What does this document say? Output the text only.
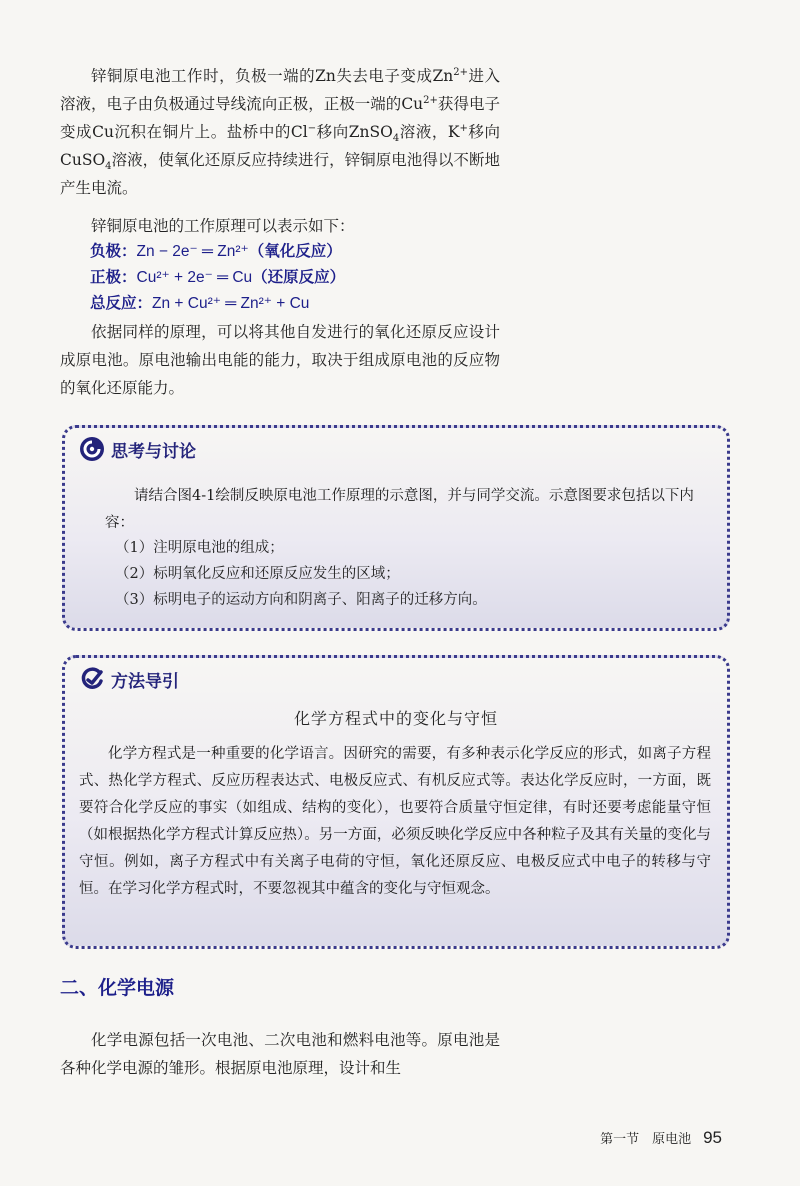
锌铜原电池工作时，负极一端的Zn失去电子变成$Zn^{2+}$进入溶液，电子由负极通过导线流向正极，正极一端的$Cu^{2+}$获得电子变成Cu沉积在铜片上。盐桥中的Cl−移向ZnSO$_4$溶液，K+移向CuSO$_4$溶液，使氧化还原反应持续进行，锌铜原电池得以不断地产生电流。

锌铜原电池的工作原理可以表示如下：

负极：Zn − 2e⁻ ═ Zn²⁺（氧化反应）
正极：Cu²⁺ + 2e⁻ ═ Cu（还原反应）
总反应：Zn + Cu²⁺ ═ Zn²⁺ + Cu

依据同样的原理，可以将其他自发进行的氧化还原反应设计成原电池。原电池输出电能的能力，取决于组成原电池的反应物的氧化还原能力。

思考与讨论
请结合图4-1绘制反映原电池工作原理的示意图，并与同学交流。示意图要求包括以下内容：
（1）注明原电池的组成；
（2）标明氧化反应和还原反应发生的区域；
（3）标明电子的运动方向和阴离子、阳离子的迁移方向。
方法导引
化学方程式中的变化与守恒
化学方程式是一种重要的化学语言。因研究的需要，有多种表示化学反应的形式，如离子方程式、热化学方程式、反应历程表达式、电极反应式、有机反应式等。表达化学反应时，一方面，既要符合化学反应的事实（如组成、结构的变化），也要符合质量守恒定律，有时还要考虑能量守恒（如根据热化学方程式计算反应热）。另一方面，必须反映化学反应中各种粒子及其有关量的变化与守恒。例如，离子方程式中有关离子电荷的守恒，氧化还原反应、电极反应式中电子的转移与守恒。在学习化学方程式时，不要忽视其中蕴含的变化与守恒观念。
二、化学电源

化学电源包括一次电池、二次电池和燃料电池等。原电池是各种化学电源的雏形。根据原电池原理，设计和生

第一节　原电池 95
